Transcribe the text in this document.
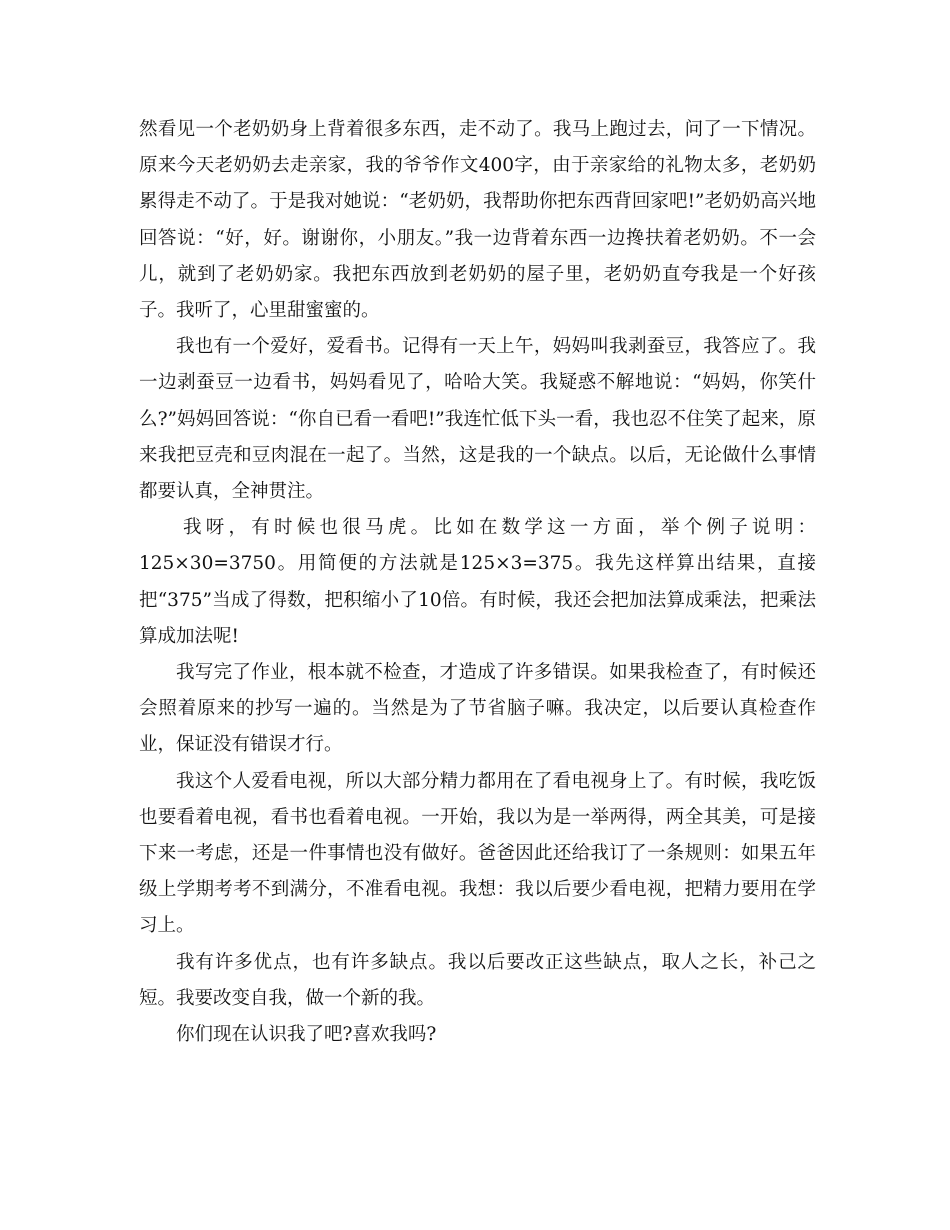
然看见一个老奶奶身上背着很多东西，走不动了。我马上跑过去，问了一下情况。原来今天老奶奶去走亲家，我的爷爷作文400字，由于亲家给的礼物太多，老奶奶累得走不动了。于是我对她说：“老奶奶，我帮助你把东西背回家吧!”老奶奶高兴地回答说：“好，好。谢谢你，小朋友。”我一边背着东西一边搀扶着老奶奶。不一会儿，就到了老奶奶家。我把东西放到老奶奶的屋子里，老奶奶直夸我是一个好孩子。我听了，心里甜蜜蜜的。

我也有一个爱好，爱看书。记得有一天上午，妈妈叫我剥蚕豆，我答应了。我一边剥蚕豆一边看书，妈妈看见了，哈哈大笑。我疑惑不解地说：“妈妈，你笑什么?”妈妈回答说：“你自已看一看吧!”我连忙低下头一看，我也忍不住笑了起来，原来我把豆壳和豆肉混在一起了。当然，这是我的一个缺点。以后，无论做什么事情都要认真，全神贯注。

我呀，有时候也很马虎。比如在数学这一方面，举个例子说明：125×30=3750。用简便的方法就是125×3=375。我先这样算出结果，直接把“375”当成了得数，把积缩小了10倍。有时候，我还会把加法算成乘法，把乘法算成加法呢!

我写完了作业，根本就不检查，才造成了许多错误。如果我检查了，有时候还会照着原来的抄写一遍的。当然是为了节省脑子嘛。我决定，以后要认真检查作业，保证没有错误才行。

我这个人爱看电视，所以大部分精力都用在了看电视身上了。有时候，我吃饭也要看着电视，看书也看着电视。一开始，我以为是一举两得，两全其美，可是接下来一考虑，还是一件事情也没有做好。爸爸因此还给我订了一条规则：如果五年级上学期考考不到满分，不准看电视。我想：我以后要少看电视，把精力要用在学习上。

我有许多优点，也有许多缺点。我以后要改正这些缺点，取人之长，补己之短。我要改变自我，做一个新的我。

你们现在认识我了吧?喜欢我吗?
